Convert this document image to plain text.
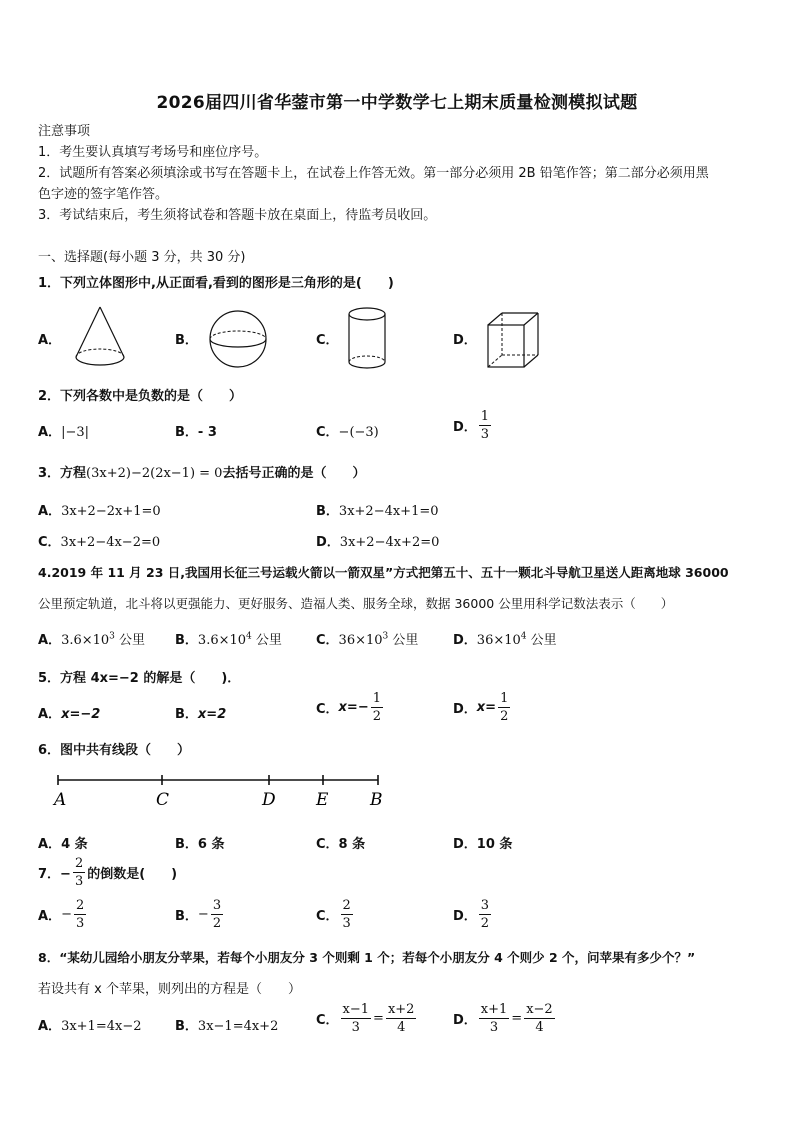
2026届四川省华蓥市第一中学数学七上期末质量检测模拟试题
注意事项
1．考生要认真填写考场号和座位序号。
2．试题所有答案必须填涂或书写在答题卡上，在试卷上作答无效。第一部分必须用 2B 铅笔作答；第二部分必须用黑
色字迹的签字笔作答。
3．考试结束后，考生须将试卷和答题卡放在桌面上，待监考员收回。
一、选择题(每小题 3 分，共 30 分)
1．下列立体图形中,从正面看,看到的图形是三角形的是(　　)
A．	B．	C．	D．
2．下列各数中是负数的是（　　）
A．|−3|	B．- 3	C．−(−3)	D． $\frac{1}{3}$
3．方程(3x+2)−2(2x−1) = 0去括号正确的是（　　）
A．3x+2−2x+1=0	B．3x+2−4x+1=0
C．3x+2−4x−2=0	D．3x+2−4x+2=0
4.2019 年 11 月 23 日,我国用长征三号运载火箭以一箭双星”方式把第五十、五十一颗北斗导航卫星送人距离地球 36000
公里预定轨道，北斗将以更强能力、更好服务、造福人类、服务全球，数据 36000 公里用科学记数法表示（　　）
A．$3.6\times 10^3$ 公里 B．$3.6\times 10^4$ 公里	C．$36\times 10^3$ 公里	D．$36\times 10^4$ 公里
5．方程 4x=−2 的解是（　　)．
A．x=−2	B．x=2	C．$x=- \frac{1}{2}$	D．$x= \frac{1}{2}$
6．图中共有线段（　　）
A	C	D E B
A．4 条	B．6 条	C．8 条	D．10 条
7．− $\frac{2}{3}$ 的倒数是(　　)
A．− $\frac{2}{3}$	B．− $\frac{3}{2}$	C． $\frac{2}{3}$	D． $\frac{3}{2}$
8．“某幼儿园给小朋友分苹果，若每个小朋友分 3 个则剩 1 个；若每个小朋友分 4 个则少 2 个，问苹果有多少个？”
若设共有 x 个苹果，则列出的方程是（　　）
A．3x+1=4x−2	B．3x−1=4x+2	C． $\frac{x-1}{3} = \frac{x+2}{4}$	D． $\frac{x+1}{3} = \frac{x-2}{4}$
